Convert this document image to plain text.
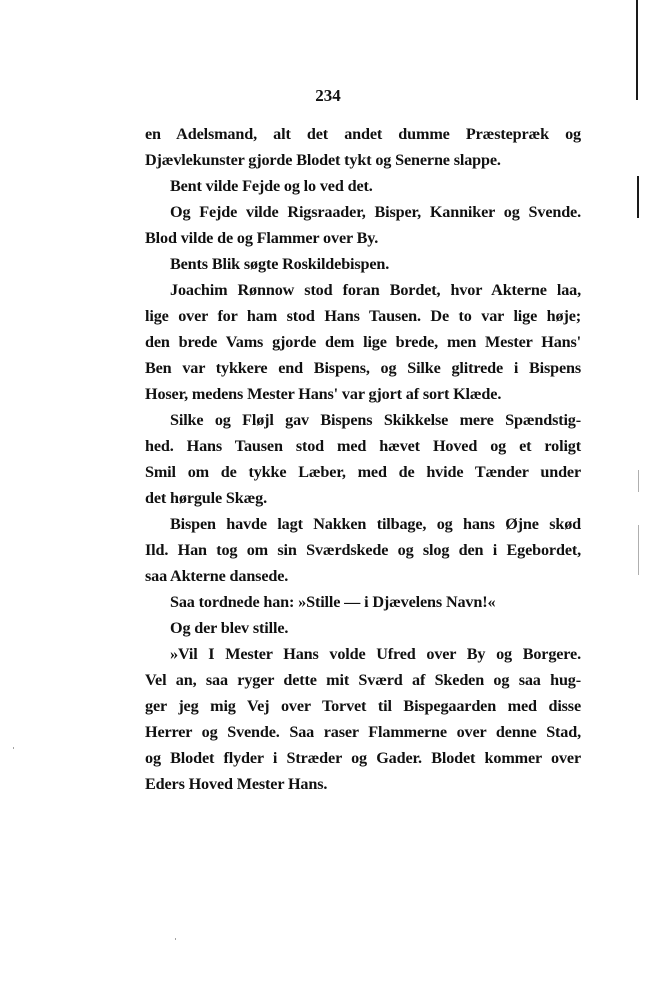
234
en Adelsmand, alt det andet dumme Præstepræk og
Djævlekunster gjorde Blodet tykt og Senerne slappe.
Bent vilde Fejde og lo ved det.
Og Fejde vilde Rigsraader, Bisper, Kanniker og Svende.
Blod vilde de og Flammer over By.
Bents Blik søgte Roskildebispen.
Joachim Rønnow stod foran Bordet, hvor Akterne laa,
lige over for ham stod Hans Tausen. De to var lige høje;
den brede Vams gjorde dem lige brede, men Mester Hans'
Ben var tykkere end Bispens, og Silke glitrede i Bispens
Hoser, medens Mester Hans' var gjort af sort Klæde.
Silke og Fløjl gav Bispens Skikkelse mere Spændstig-
hed. Hans Tausen stod med hævet Hoved og et roligt
Smil om de tykke Læber, med de hvide Tænder under
det hørgule Skæg.
Bispen havde lagt Nakken tilbage, og hans Øjne skød
Ild. Han tog om sin Sværdskede og slog den i Egebordet,
saa Akterne dansede.
Saa tordnede han: »Stille — i Djævelens Navn!«
Og der blev stille.
»Vil I Mester Hans volde Ufred over By og Borgere.
Vel an, saa ryger dette mit Sværd af Skeden og saa hug-
ger jeg mig Vej over Torvet til Bispegaarden med disse
Herrer og Svende. Saa raser Flammerne over denne Stad,
og Blodet flyder i Stræder og Gader. Blodet kommer over
Eders Hoved Mester Hans.
